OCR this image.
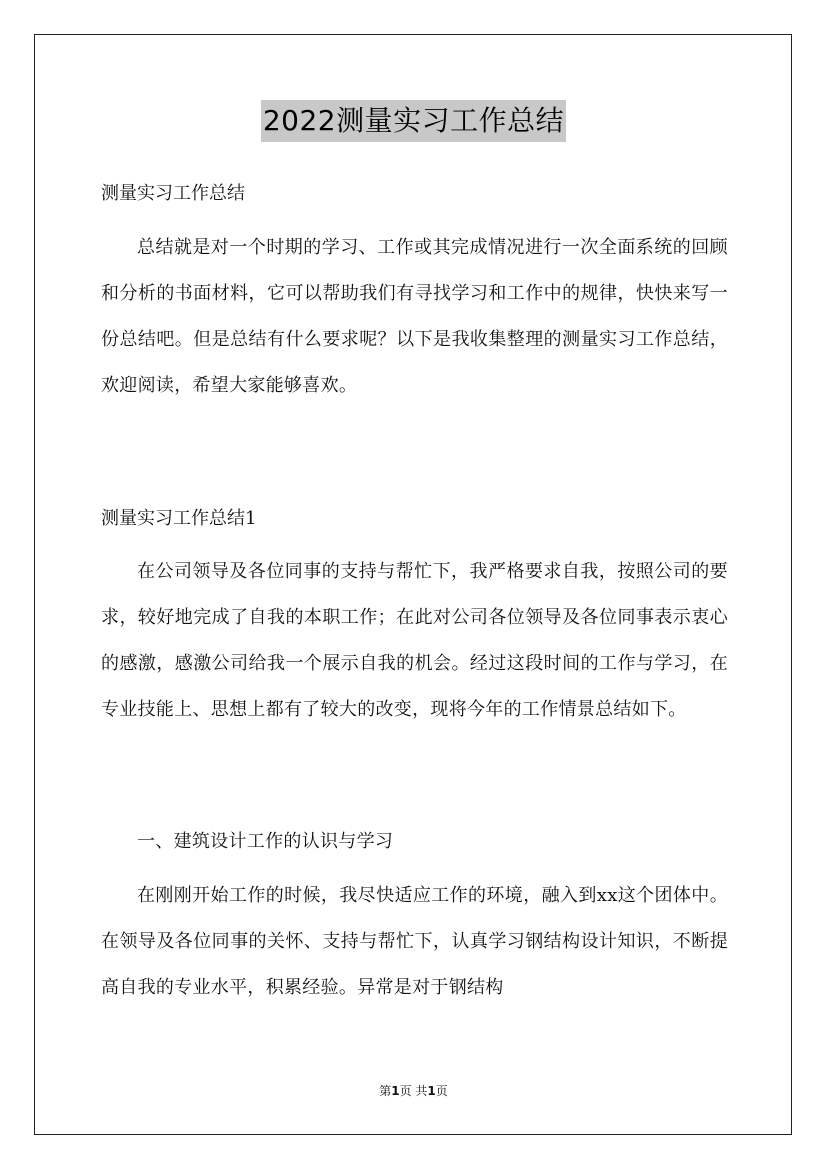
2022测量实习工作总结
测量实习工作总结
总结就是对一个时期的学习、工作或其完成情况进行一次全面系统的回顾和分析的书面材料，它可以帮助我们有寻找学习和工作中的规律，快快来写一份总结吧。但是总结有什么要求呢？以下是我收集整理的测量实习工作总结，欢迎阅读，希望大家能够喜欢。
测量实习工作总结1
在公司领导及各位同事的支持与帮忙下，我严格要求自我，按照公司的要求，较好地完成了自我的本职工作；在此对公司各位领导及各位同事表示衷心的感激，感激公司给我一个展示自我的机会。经过这段时间的工作与学习，在专业技能上、思想上都有了较大的改变，现将今年的工作情景总结如下。
一、建筑设计工作的认识与学习
在刚刚开始工作的时候，我尽快适应工作的环境，融入到xx这个团体中。在领导及各位同事的关怀、支持与帮忙下，认真学习钢结构设计知识，不断提高自我的专业水平，积累经验。异常是对于钢结构
第1页 共1页
